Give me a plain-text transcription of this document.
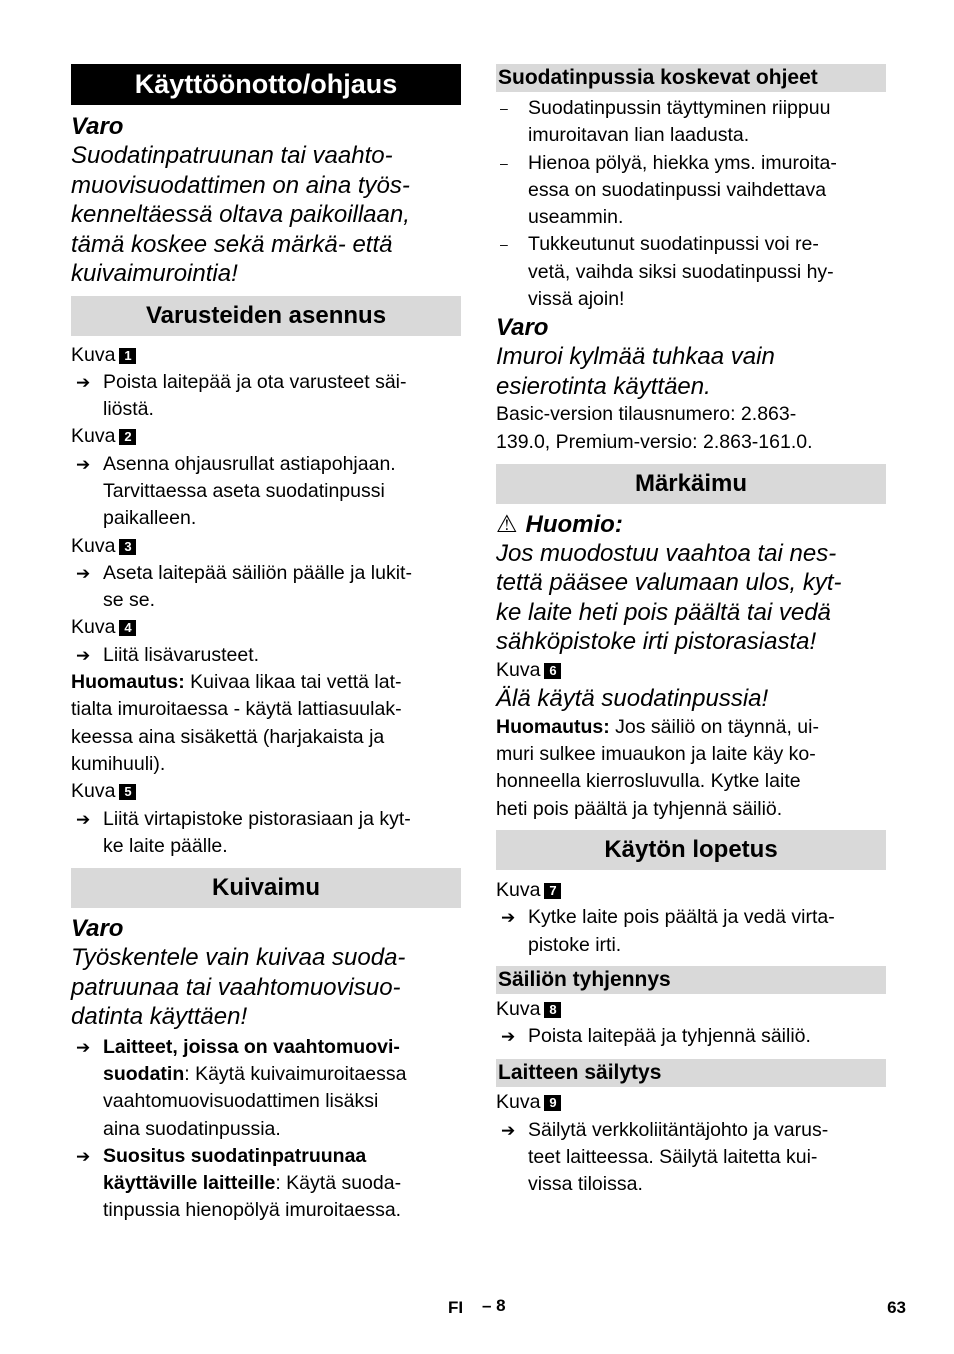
Käyttöönotto/ohjaus
Varo
Suodatinpatruunan tai vaahto-
muovisuodattimen on aina työs-
kenneltäessä oltava paikoillaan,
tämä koskee sekä märkä- että
kuivaimurointia!
Varusteiden asennus
Kuva 1
➔ Poista laitepää ja ota varusteet säi-
liöstä.
Kuva 2
➔ Asenna ohjausrullat astiapohjaan.
Tarvittaessa aseta suodatinpussi
paikalleen.
Kuva 3
➔ Aseta laitepää säiliön päälle ja lukit-
se se.
Kuva 4
➔ Liitä lisävarusteet.
Huomautus: Kuivaa likaa tai vettä lat-
tialta imuroitaessa - käytä lattiasuulak-
keessa aina sisäkettä (harjakaista ja
kumihuuli).
Kuva 5
➔ Liitä virtapistoke pistorasiaan ja kyt-
ke laite päälle.
Kuivaimu
Varo
Työskentele vain kuivaa suoda-
patruunaa tai vaahtomuovisuo-
datinta käyttäen!
➔ Laitteet, joissa on vaahtomuovi-
suodatin: Käytä kuivaimuroitaessa
vaahtomuovisuodattimen lisäksi
aina suodatinpussia.
➔ Suositus suodatinpatruunaa
käyttäville laitteille: Käytä suoda-
tinpussia hienopölyä imuroitaessa.
Suodatinpussia koskevat ohjeet
– Suodatinpussin täyttyminen riippuu
imuroitavan lian laadusta.
– Hienoa pölyä, hiekka yms. imuroita-
essa on suodatinpussi vaihdettava
useammin.
– Tukkeutunut suodatinpussi voi re-
vetä, vaihda siksi suodatinpussi hy-
vissä ajoin!
Varo
Imuroi kylmää tuhkaa vain
esierotinta käyttäen.
Basic-version tilausnumero: 2.863-
139.0, Premium-versio: 2.863-161.0.
Märkäimu
⚠ Huomio:
Jos muodostuu vaahtoa tai nes-
tettä pääsee valumaan ulos, kyt-
ke laite heti pois päältä tai vedä
sähköpistoke irti pistorasiasta!
Kuva 6
Älä käytä suodatinpussia!
Huomautus: Jos säiliö on täynnä, ui-
muri sulkee imuaukon ja laite käy ko-
honneella kierrosluvulla. Kytke laite
heti pois päältä ja tyhjennä säiliö.
Käytön lopetus
Kuva 7
➔ Kytke laite pois päältä ja vedä virta-
pistoke irti.
Säiliön tyhjennys
Kuva 8
➔ Poista laitepää ja tyhjennä säiliö.
Laitteen säilytys
Kuva 9
➔ Säilytä verkkoliitäntäjohto ja varus-
teet laitteessa. Säilytä laitetta kui-
vissa tiloissa.
FI – 8	63
